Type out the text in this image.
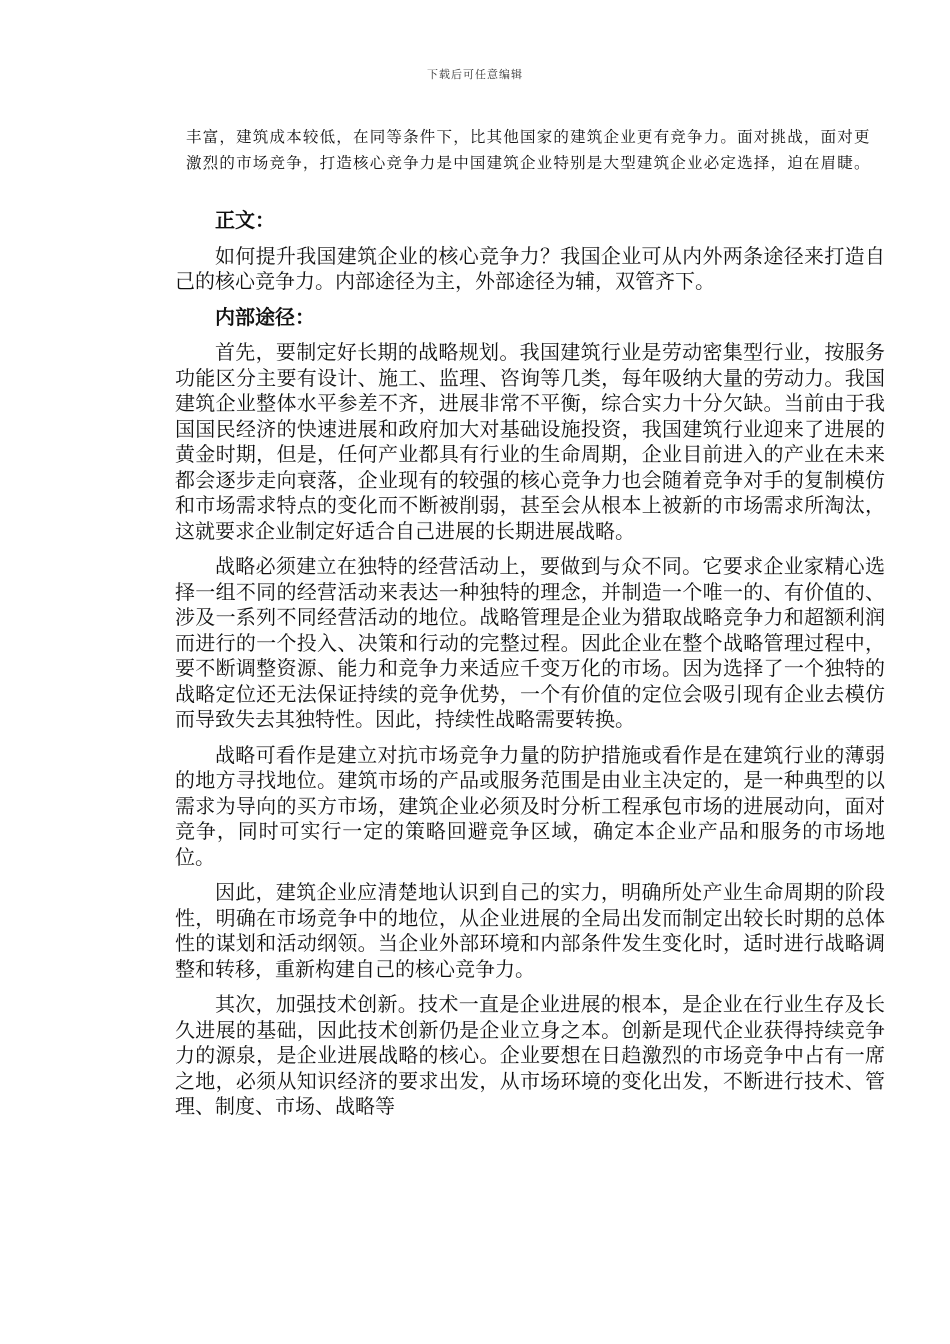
下载后可任意编辑

丰富，建筑成本较低，在同等条件下，比其他国家的建筑企业更有竞争力。面对挑战，面对更激烈的市场竞争，打造核心竞争力是中国建筑企业特别是大型建筑企业必定选择，迫在眉睫。

正文：

如何提升我国建筑企业的核心竞争力？我国企业可从内外两条途径来打造自己的核心竞争力。内部途径为主，外部途径为辅，双管齐下。

内部途径：

首先，要制定好长期的战略规划。我国建筑行业是劳动密集型行业，按服务功能区分主要有设计、施工、监理、咨询等几类，每年吸纳大量的劳动力。我国建筑企业整体水平参差不齐，进展非常不平衡，综合实力十分欠缺。当前由于我国国民经济的快速进展和政府加大对基础设施投资，我国建筑行业迎来了进展的黄金时期，但是，任何产业都具有行业的生命周期，企业目前进入的产业在未来都会逐步走向衰落，企业现有的较强的核心竞争力也会随着竞争对手的复制模仿和市场需求特点的变化而不断被削弱，甚至会从根本上被新的市场需求所淘汰，这就要求企业制定好适合自己进展的长期进展战略。

战略必须建立在独特的经营活动上，要做到与众不同。它要求企业家精心选择一组不同的经营活动来表达一种独特的理念，并制造一个唯一的、有价值的、涉及一系列不同经营活动的地位。战略管理是企业为猎取战略竞争力和超额利润而进行的一个投入、决策和行动的完整过程。因此企业在整个战略管理过程中，要不断调整资源、能力和竞争力来适应千变万化的市场。因为选择了一个独特的战略定位还无法保证持续的竞争优势，一个有价值的定位会吸引现有企业去模仿而导致失去其独特性。因此，持续性战略需要转换。

战略可看作是建立对抗市场竞争力量的防护措施或看作是在建筑行业的薄弱的地方寻找地位。建筑市场的产品或服务范围是由业主决定的，是一种典型的以需求为导向的买方市场，建筑企业必须及时分析工程承包市场的进展动向，面对竞争，同时可实行一定的策略回避竞争区域，确定本企业产品和服务的市场地位。

因此，建筑企业应清楚地认识到自己的实力，明确所处产业生命周期的阶段性，明确在市场竞争中的地位，从企业进展的全局出发而制定出较长时期的总体性的谋划和活动纲领。当企业外部环境和内部条件发生变化时，适时进行战略调整和转移，重新构建自己的核心竞争力。

其次，加强技术创新。技术一直是企业进展的根本，是企业在行业生存及长久进展的基础，因此技术创新仍是企业立身之本。创新是现代企业获得持续竞争力的源泉，是企业进展战略的核心。企业要想在日趋激烈的市场竞争中占有一席之地，必须从知识经济的要求出发，从市场环境的变化出发，不断进行技术、管理、制度、市场、战略等
